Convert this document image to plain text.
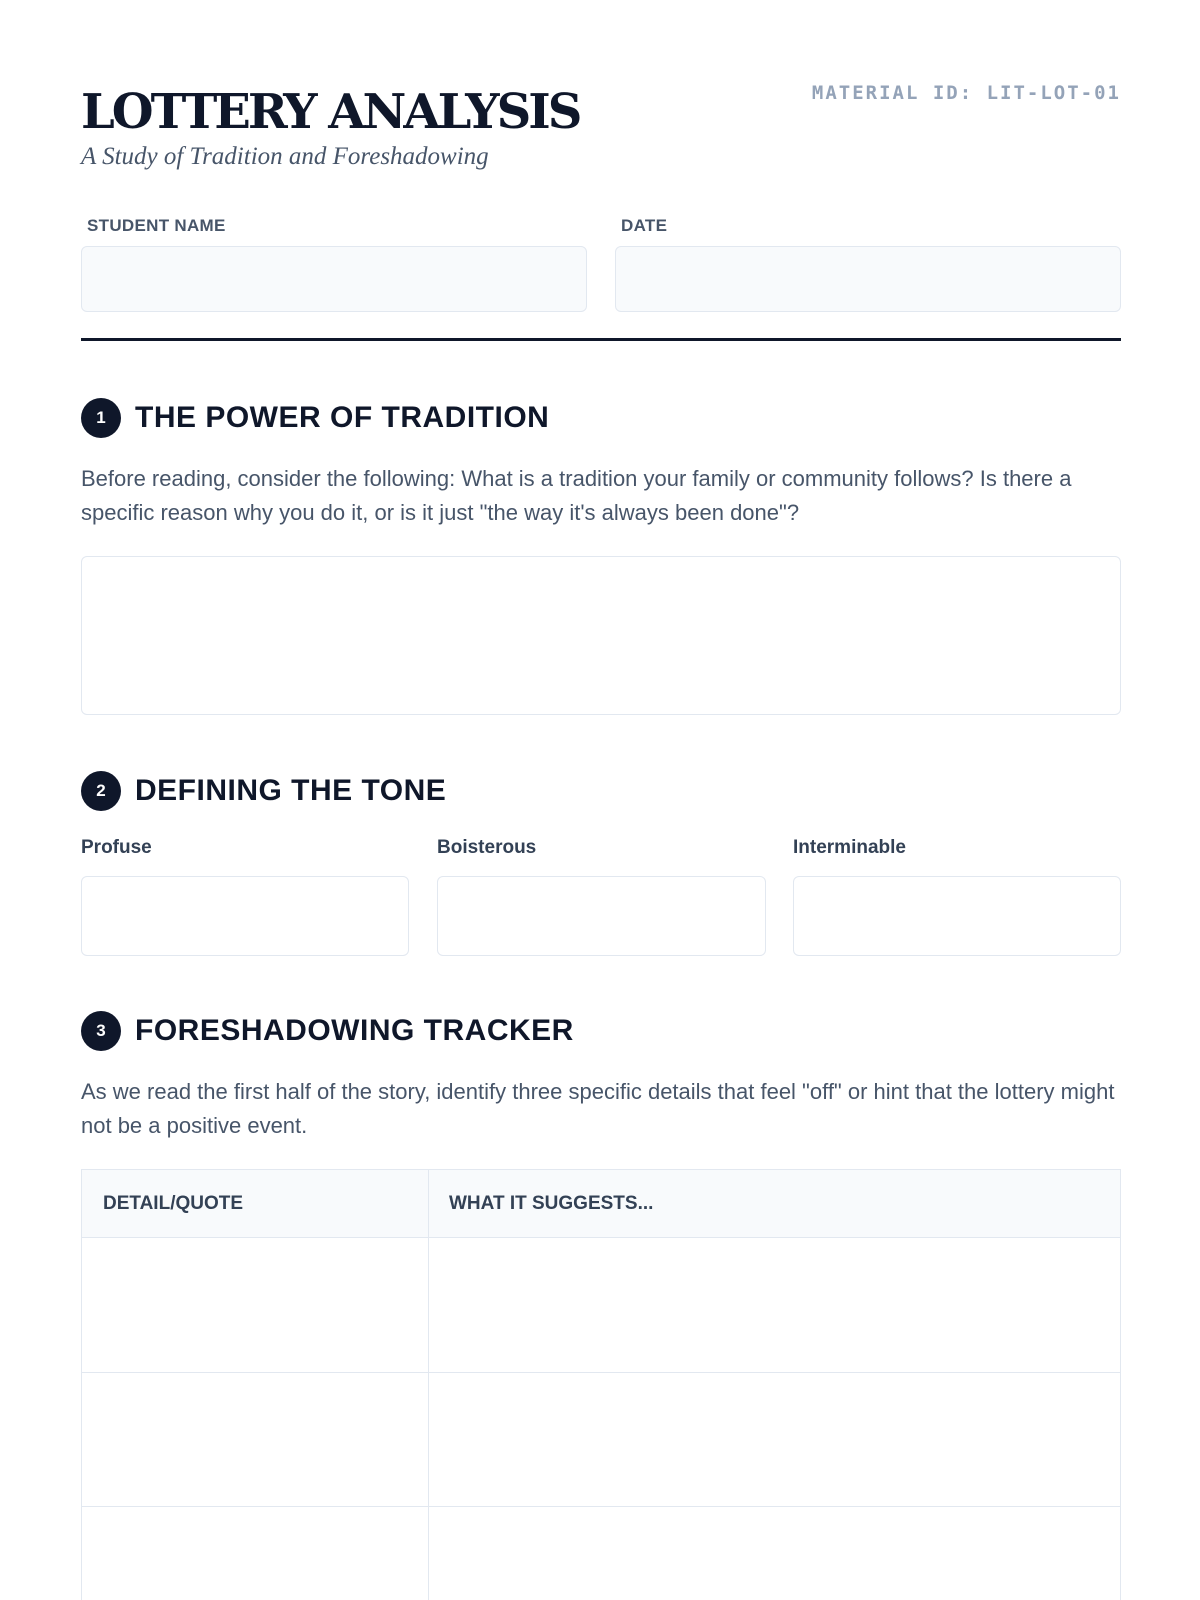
LOTTERY ANALYSIS
A Study of Tradition and Foreshadowing
MATERIAL ID: LIT-LOT-01
STUDENT NAME	DATE
1 THE POWER OF TRADITION
Before reading, consider the following: What is a tradition your family or community follows? Is there a specific reason why you do it, or is it just "the way it's always been done"?
2 DEFINING THE TONE
Profuse	Boisterous	Interminable
3 FORESHADOWING TRACKER
As we read the first half of the story, identify three specific details that feel "off" or hint that the lottery might not be a positive event.
DETAIL/QUOTE	WHAT IT SUGGESTS...
